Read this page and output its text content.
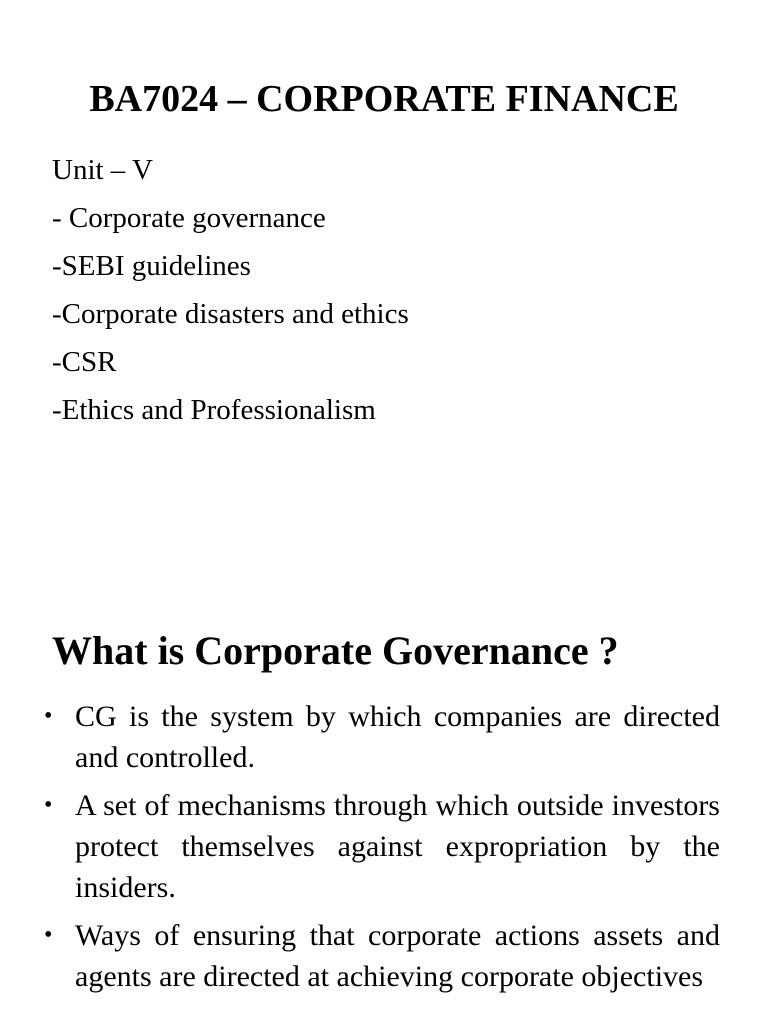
BA7024 – CORPORATE FINANCE
Unit – V
- Corporate governance
-SEBI guidelines
-Corporate disasters and ethics
-CSR
-Ethics and Professionalism
What is Corporate Governance ?
• CG is the system by which companies are directed and controlled.
• A set of mechanisms through which outside investors protect themselves against expropriation by the insiders.
• Ways of ensuring that corporate actions assets and agents are directed at achieving corporate objectives
